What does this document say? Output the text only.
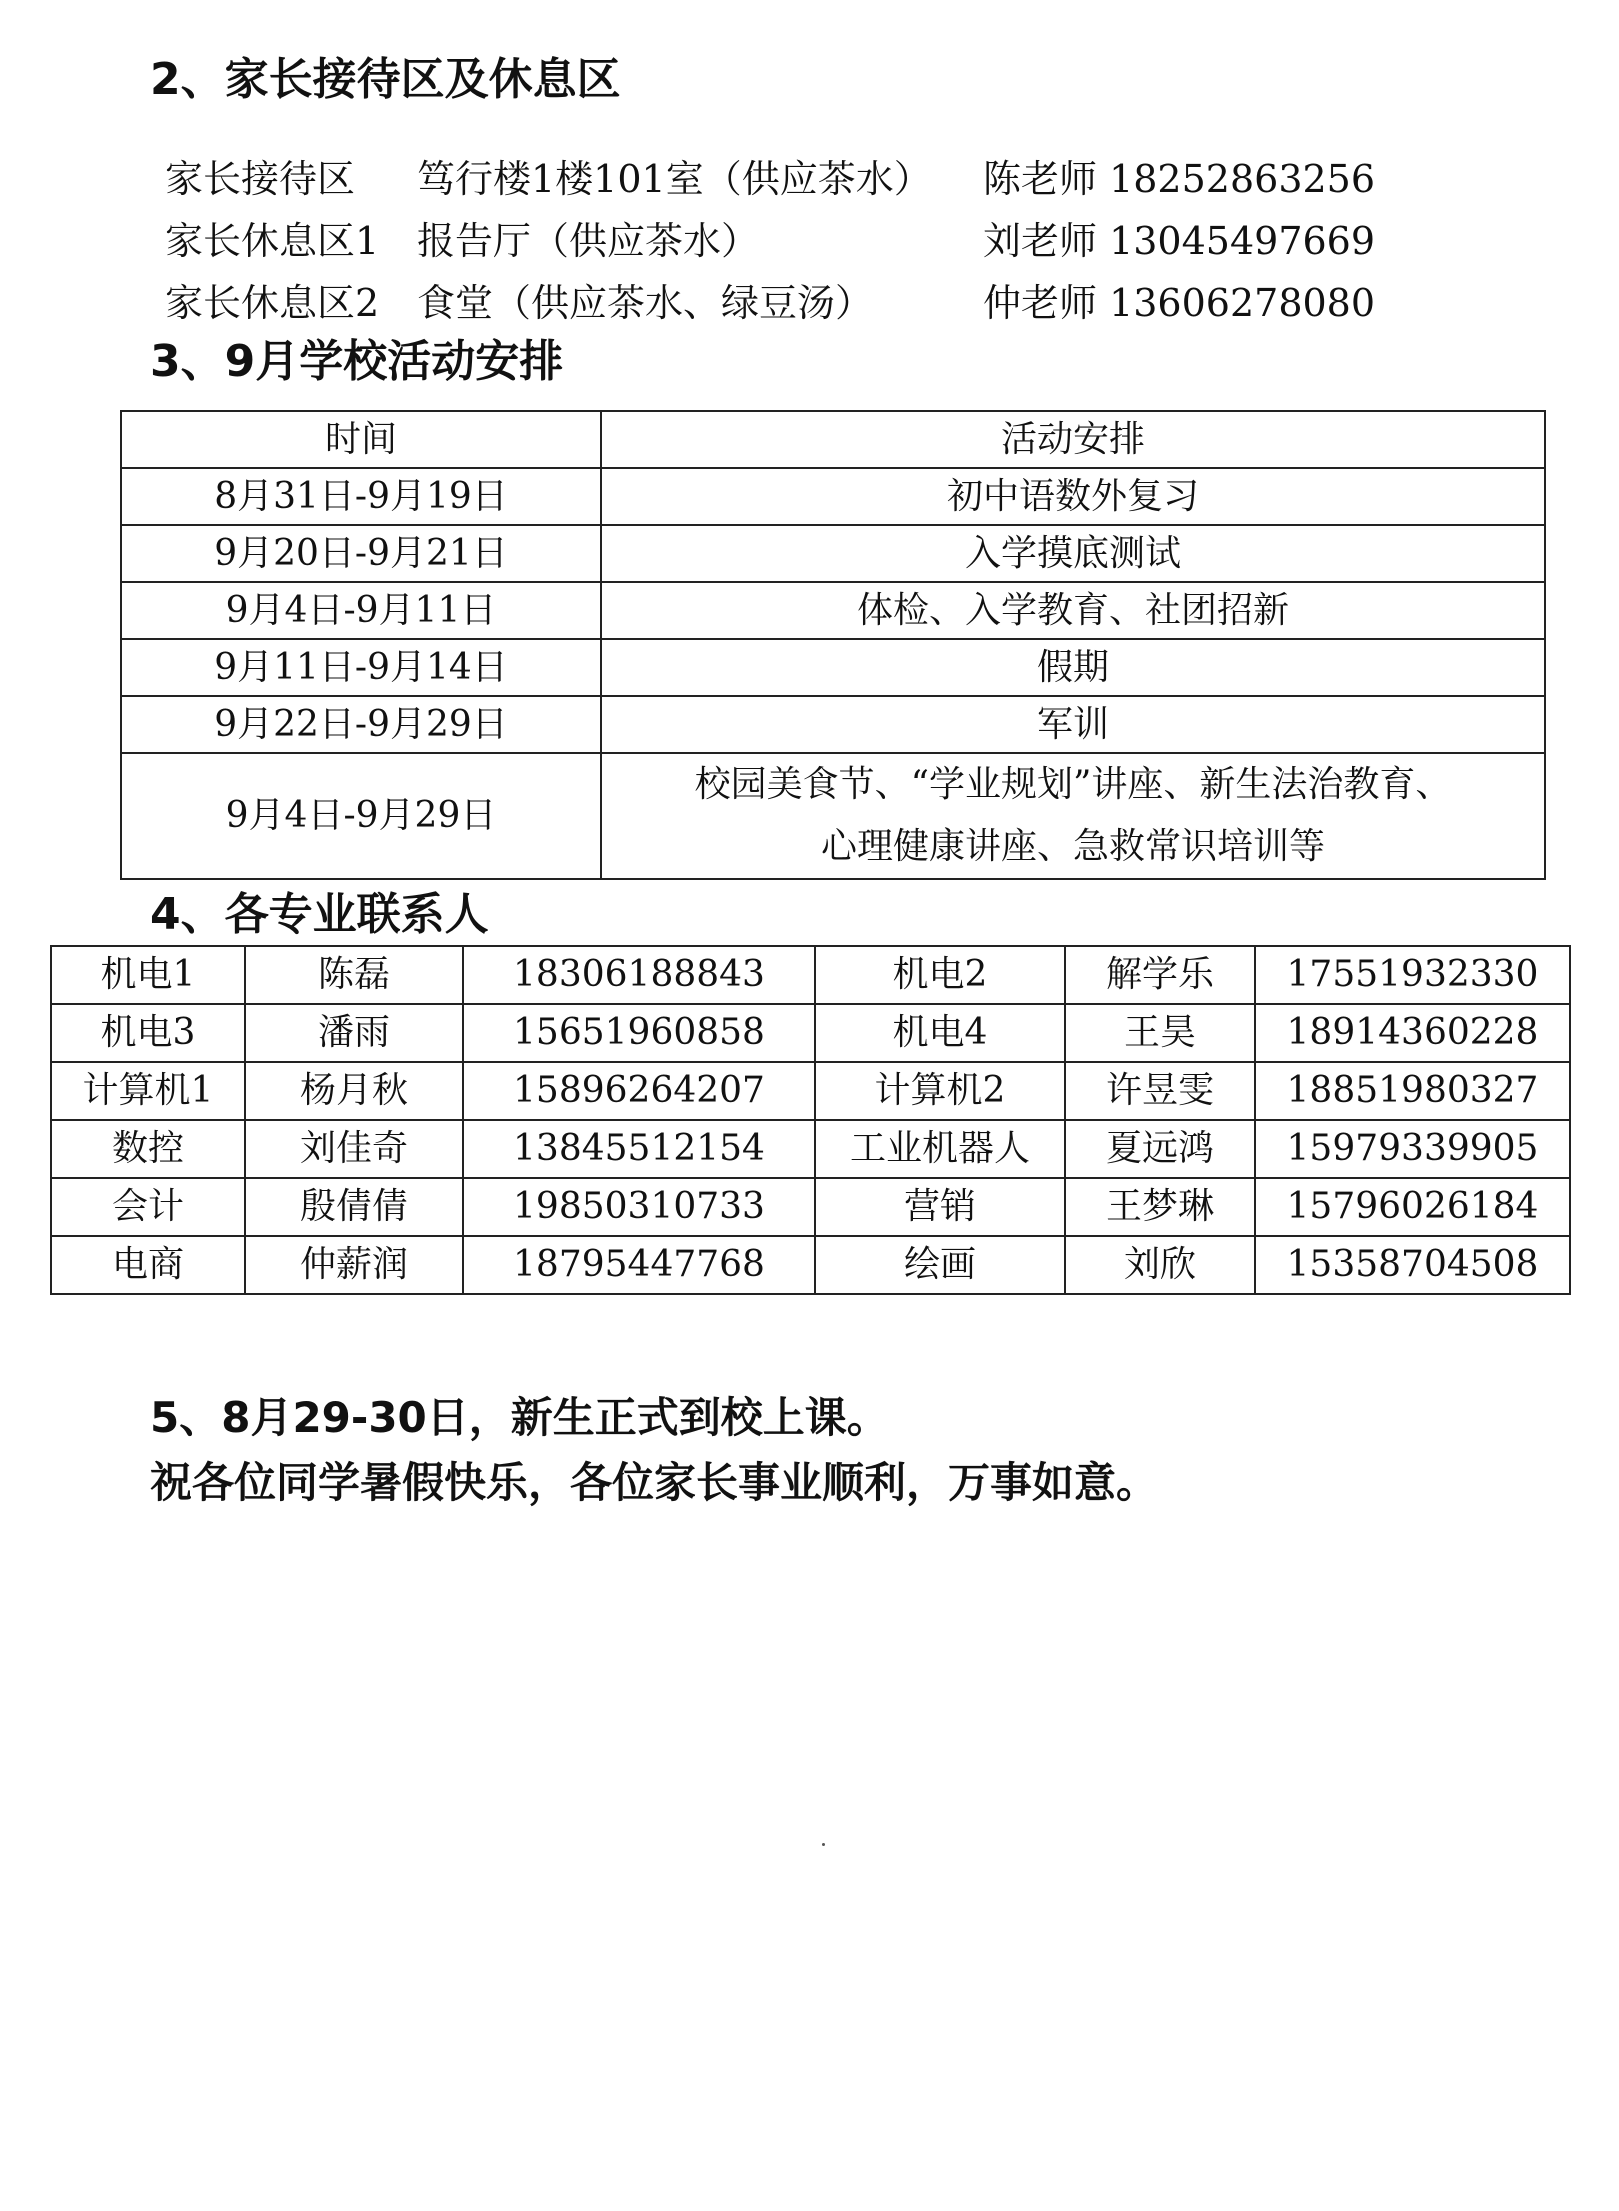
2、家长接待区及休息区
家长接待区 笃行楼1楼101室（供应茶水） 陈老师 18252863256
家长休息区1 报告厅（供应茶水）	刘老师 13045497669
家长休息区2 食堂（供应茶水、绿豆汤）	仲老师 13606278080
3、9月学校活动安排
时间	活动安排
8月31日-9月19日	初中语数外复习
9月20日-9月21日	入学摸底测试
9月4日-9月11日	体检、入学教育、社团招新
9月11日-9月14日	假期
9月22日-9月29日	军训
9月4日-9月29日	校园美食节、“学业规划”讲座、新生法治教育、
心理健康讲座、急救常识培训等
4、各专业联系人
机电1	陈磊	18306188843	机电2	解学乐	17551932330
机电3	潘雨	15651960858	机电4	王昊	18914360228
计算机1	杨月秋	15896264207	计算机2	许昱雯	18851980327
数控	刘佳奇	13845512154	工业机器人	夏远鸿	15979339905
会计	殷倩倩	19850310733	营销	王梦琳	15796026184
电商	仲薪润	18795447768	绘画	刘欣	15358704508
5、8月29-30日，新生正式到校上课。
祝各位同学暑假快乐，各位家长事业顺利，万事如意。
